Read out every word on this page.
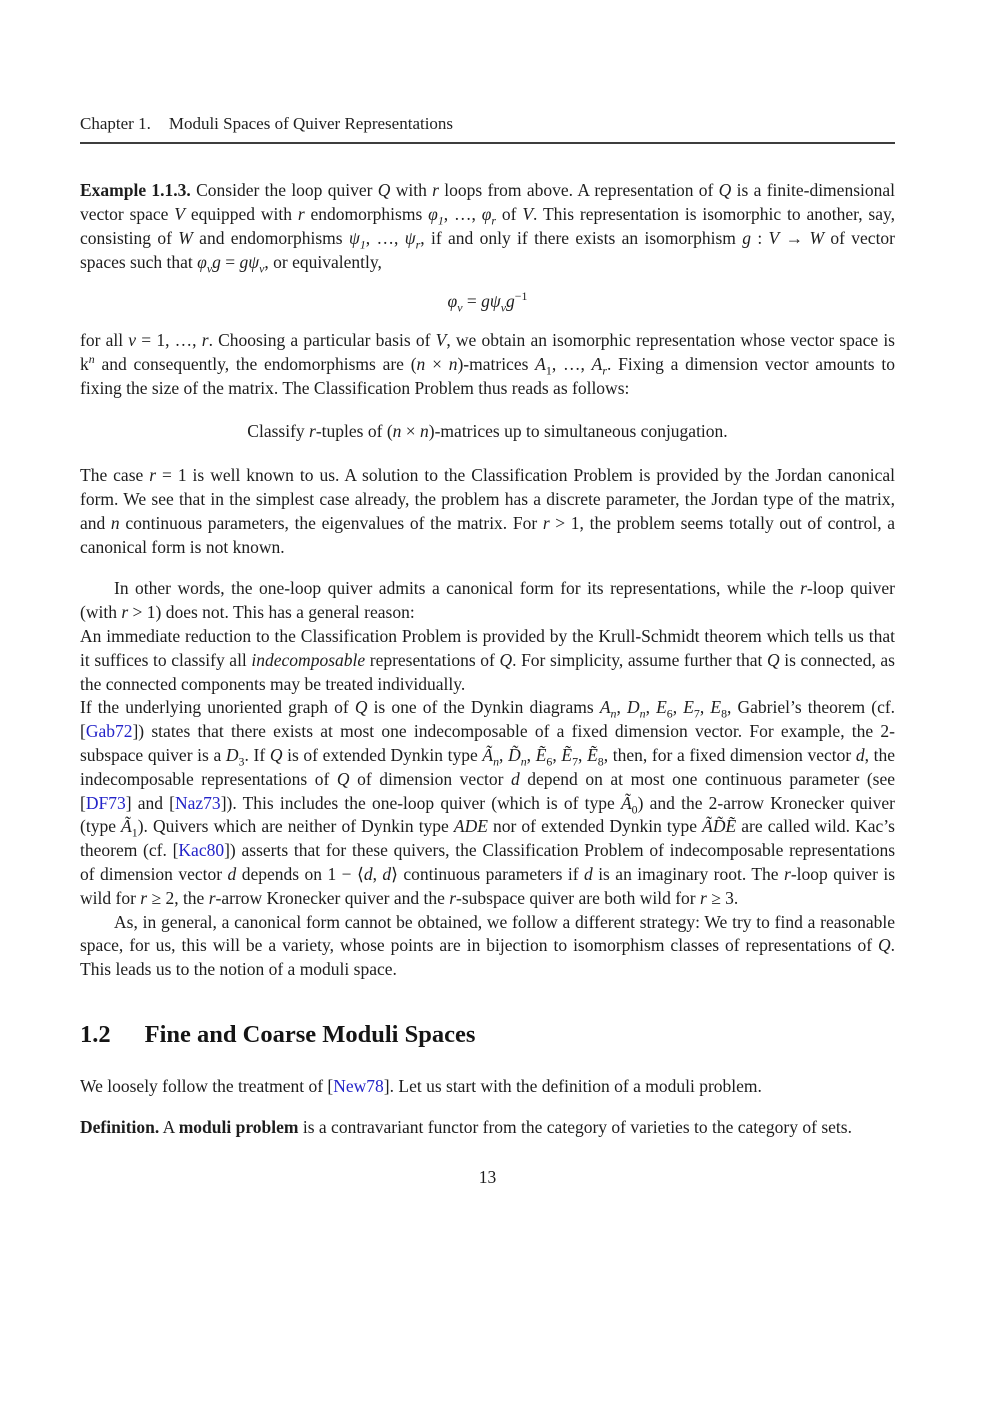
Chapter 1. Moduli Spaces of Quiver Representations

Example 1.1.3. Consider the loop quiver Q with r loops from above. A representation of Q is a finite-dimensional vector space V equipped with r endomorphisms $\varphi_1$, …, $\varphi_r$ of V. This representation is isomorphic to another, say, consisting of W and endomorphisms $\psi_1$, …, $\psi_r$, if and only if there exists an isomorphism g : V → W of vector spaces such that $\varphi_\nu g = g\psi_\nu$, or equivalently,

$\varphi_\nu = g\psi_\nu g^{-1}$

for all ν = 1, …, r. Choosing a particular basis of V, we obtain an isomorphic representation whose vector space is $k^n$ and consequently, the endomorphisms are (n × n)-matrices $A_1$, …, $A_r$. Fixing a dimension vector amounts to fixing the size of the matrix. The Classification Problem thus reads as follows:

Classify r-tuples of (n × n)-matrices up to simultaneous conjugation.

The case r = 1 is well known to us. A solution to the Classification Problem is provided by the Jordan canonical form. We see that in the simplest case already, the problem has a discrete parameter, the Jordan type of the matrix, and n continuous parameters, the eigenvalues of the matrix. For r > 1, the problem seems totally out of control, a canonical form is not known.

In other words, the one-loop quiver admits a canonical form for its representations, while the r-loop quiver (with r > 1) does not. This has a general reason:

An immediate reduction to the Classification Problem is provided by the Krull-Schmidt theorem which tells us that it suffices to classify all indecomposable representations of Q. For simplicity, assume further that Q is connected, as the connected components may be treated individually.

If the underlying unoriented graph of Q is one of the Dynkin diagrams $A_n$, $D_n$, $E_6$, $E_7$, $E_8$, Gabriel’s theorem (cf. [Gab72]) states that there exists at most one indecomposable of a fixed dimension vector. For example, the 2-subspace quiver is a $D_3$. If Q is of extended Dynkin type $Ã_n$, $D̃_n$, Ẽ$_6$, Ẽ$_7$, Ẽ$_8$, then, for a fixed dimension vector d, the indecomposable representations of Q of dimension vector d depend on at most one continuous parameter (see [DF73] and [Naz73]). This includes the one-loop quiver (which is of type $Ã_0$) and the 2-arrow Kronecker quiver (type $Ã_1$). Quivers which are neither of Dynkin type ADE nor of extended Dynkin type ÃD̃Ẽ are called wild. Kac’s theorem (cf. [Kac80]) asserts that for these quivers, the Classification Problem of indecomposable representations of dimension vector d depends on 1 − ⟨d, d⟩ continuous parameters if d is an imaginary root. The r-loop quiver is wild for r ≥ 2, the r-arrow Kronecker quiver and the r-subspace quiver are both wild for r ≥ 3.

As, in general, a canonical form cannot be obtained, we follow a different strategy: We try to find a reasonable space, for us, this will be a variety, whose points are in bijection to isomorphism classes of representations of Q. This leads us to the notion of a moduli space.

1.2 Fine and Coarse Moduli Spaces

We loosely follow the treatment of [New78]. Let us start with the definition of a moduli problem.

Definition. A moduli problem is a contravariant functor from the category of varieties to the category of sets.

13
